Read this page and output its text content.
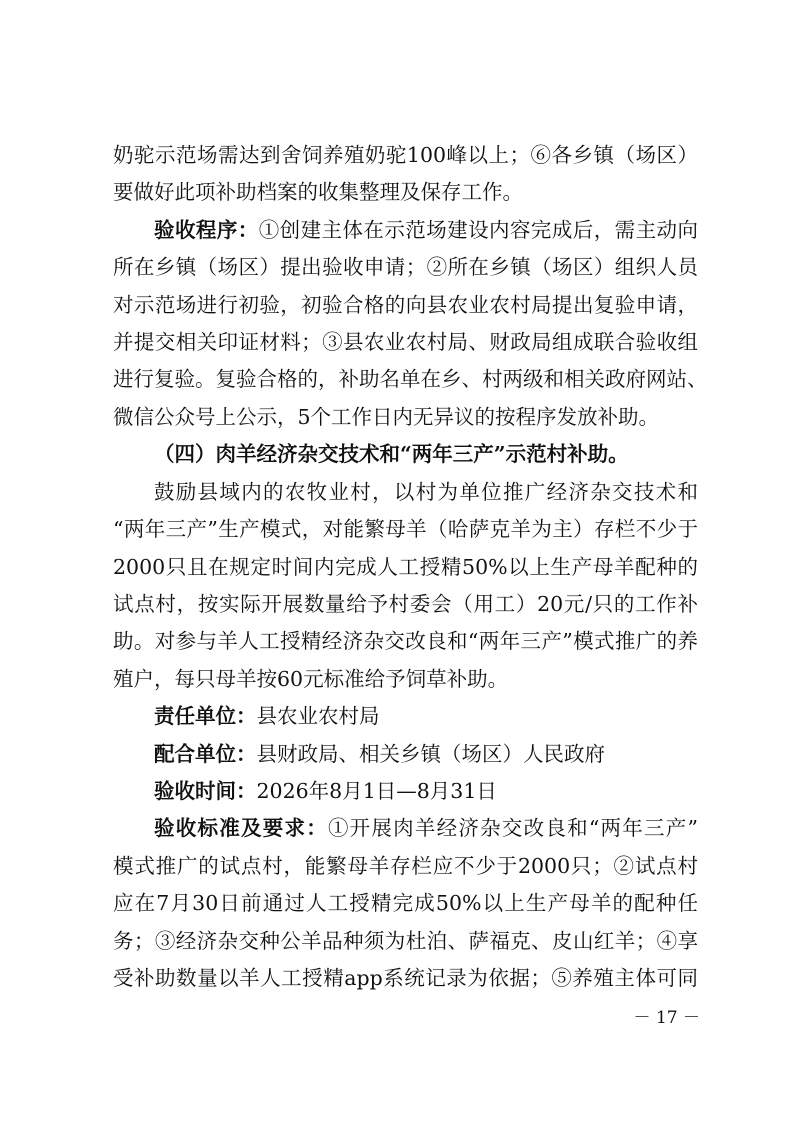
奶驼示范场需达到舍饲养殖奶驼100峰以上；⑥各乡镇（场区）
要做好此项补助档案的收集整理及保存工作。
验收程序：①创建主体在示范场建设内容完成后，需主动向
所在乡镇（场区）提出验收申请；②所在乡镇（场区）组织人员
对示范场进行初验，初验合格的向县农业农村局提出复验申请，
并提交相关印证材料；③县农业农村局、财政局组成联合验收组
进行复验。复验合格的，补助名单在乡、村两级和相关政府网站、
微信公众号上公示，5个工作日内无异议的按程序发放补助。
（四）肉羊经济杂交技术和“两年三产”示范村补助。
鼓励县域内的农牧业村，以村为单位推广经济杂交技术和
“两年三产”生产模式，对能繁母羊（哈萨克羊为主）存栏不少于
2000只且在规定时间内完成人工授精50%以上生产母羊配种的
试点村，按实际开展数量给予村委会（用工）20元/只的工作补
助。对参与羊人工授精经济杂交改良和“两年三产”模式推广的养
殖户，每只母羊按60元标准给予饲草补助。
责任单位：县农业农村局
配合单位：县财政局、相关乡镇（场区）人民政府
验收时间：2026年8月1日—8月31日
验收标准及要求：①开展肉羊经济杂交改良和“两年三产”
模式推广的试点村，能繁母羊存栏应不少于2000只；②试点村
应在7月30日前通过人工授精完成50%以上生产母羊的配种任
务；③经济杂交种公羊品种须为杜泊、萨福克、皮山红羊；④享
受补助数量以羊人工授精app系统记录为依据；⑤养殖主体可同
－ 17 －
